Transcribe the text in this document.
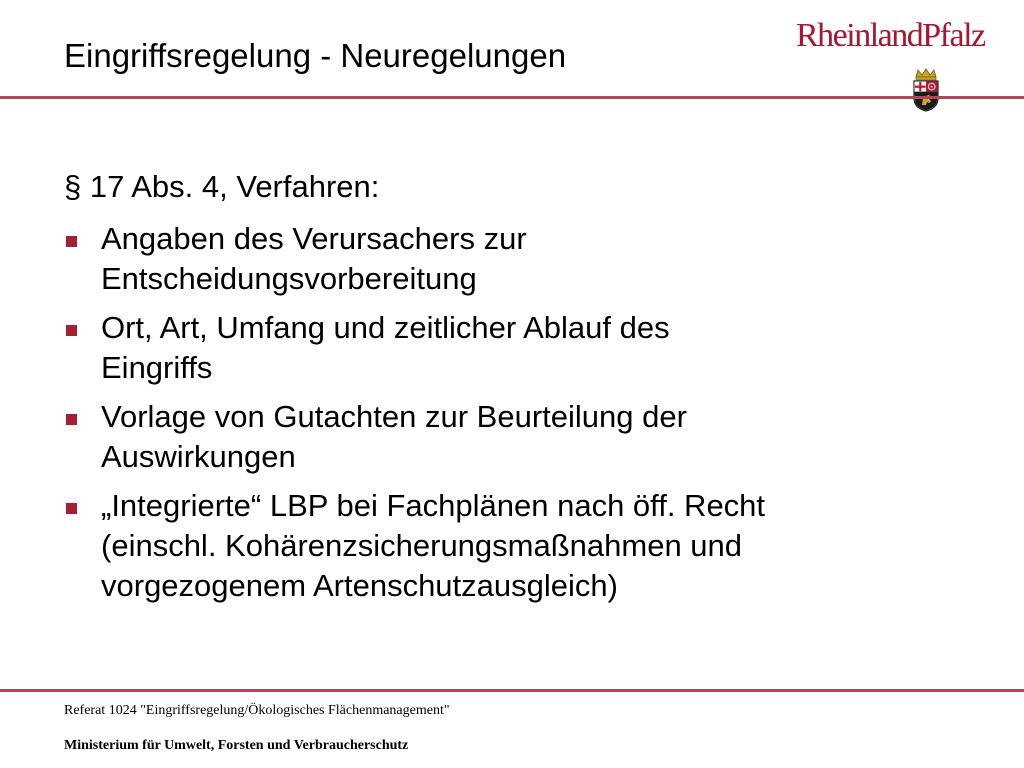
Eingriffsregelung - Neuregelungen
RheinlandPfalz
§ 17 Abs. 4, Verfahren:
Angaben des Verursachers zur
Entscheidungsvorbereitung
Ort, Art, Umfang und zeitlicher Ablauf des
Eingriffs
Vorlage von Gutachten zur Beurteilung der
Auswirkungen
„Integrierte“ LBP bei Fachplänen nach öff. Recht
(einschl. Kohärenzsicherungsmaßnahmen und
vorgezogenem Artenschutzausgleich)
Referat 1024 "Eingriffsregelung/Ökologisches Flächenmanagement"
Ministerium für Umwelt, Forsten und Verbraucherschutz
